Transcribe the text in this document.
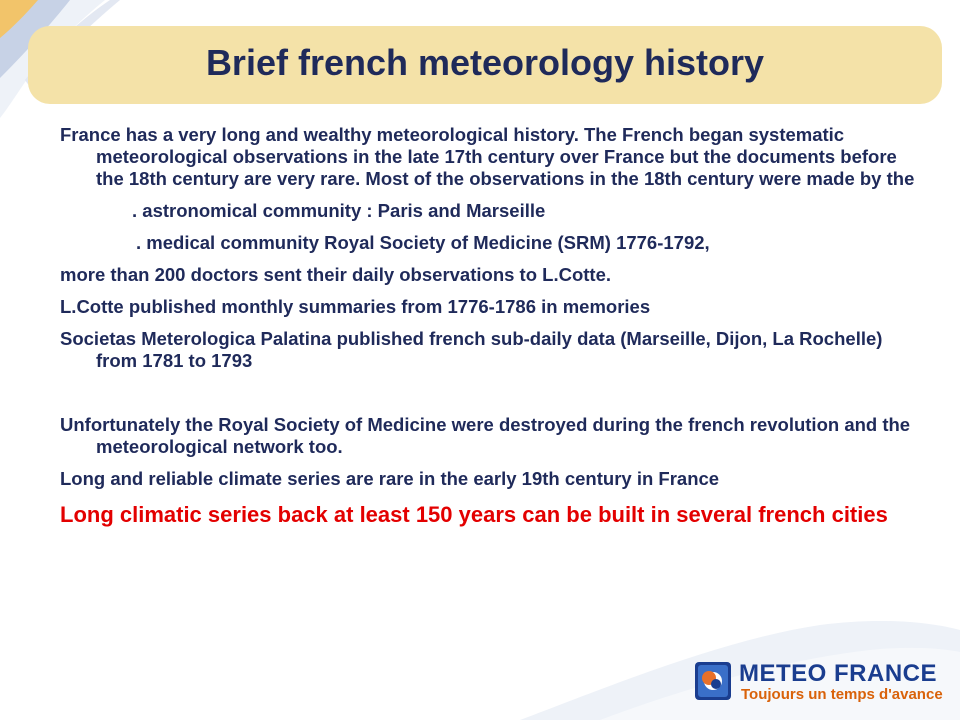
Brief french meteorology history

France has a very long and wealthy meteorological history. The French began systematic meteorological observations in the late 17th century over France but the documents before the 18th century are very rare. Most of the observations in the 18th century were made by the

. astronomical community : Paris and Marseille

. medical community Royal Society of Medicine (SRM) 1776-1792,

more than 200 doctors sent their daily observations to L.Cotte.

L.Cotte published monthly summaries from 1776-1786 in memories

Societas Meterologica Palatina published french sub-daily data (Marseille, Dijon, La Rochelle) from 1781 to 1793

Unfortunately the Royal Society of Medicine were destroyed during the french revolution and the meteorological network too.

Long and reliable climate series are rare in the early 19th century in France

Long climatic series back at least 150 years can be built in several french cities

METEO FRANCE
Toujours un temps d'avance
